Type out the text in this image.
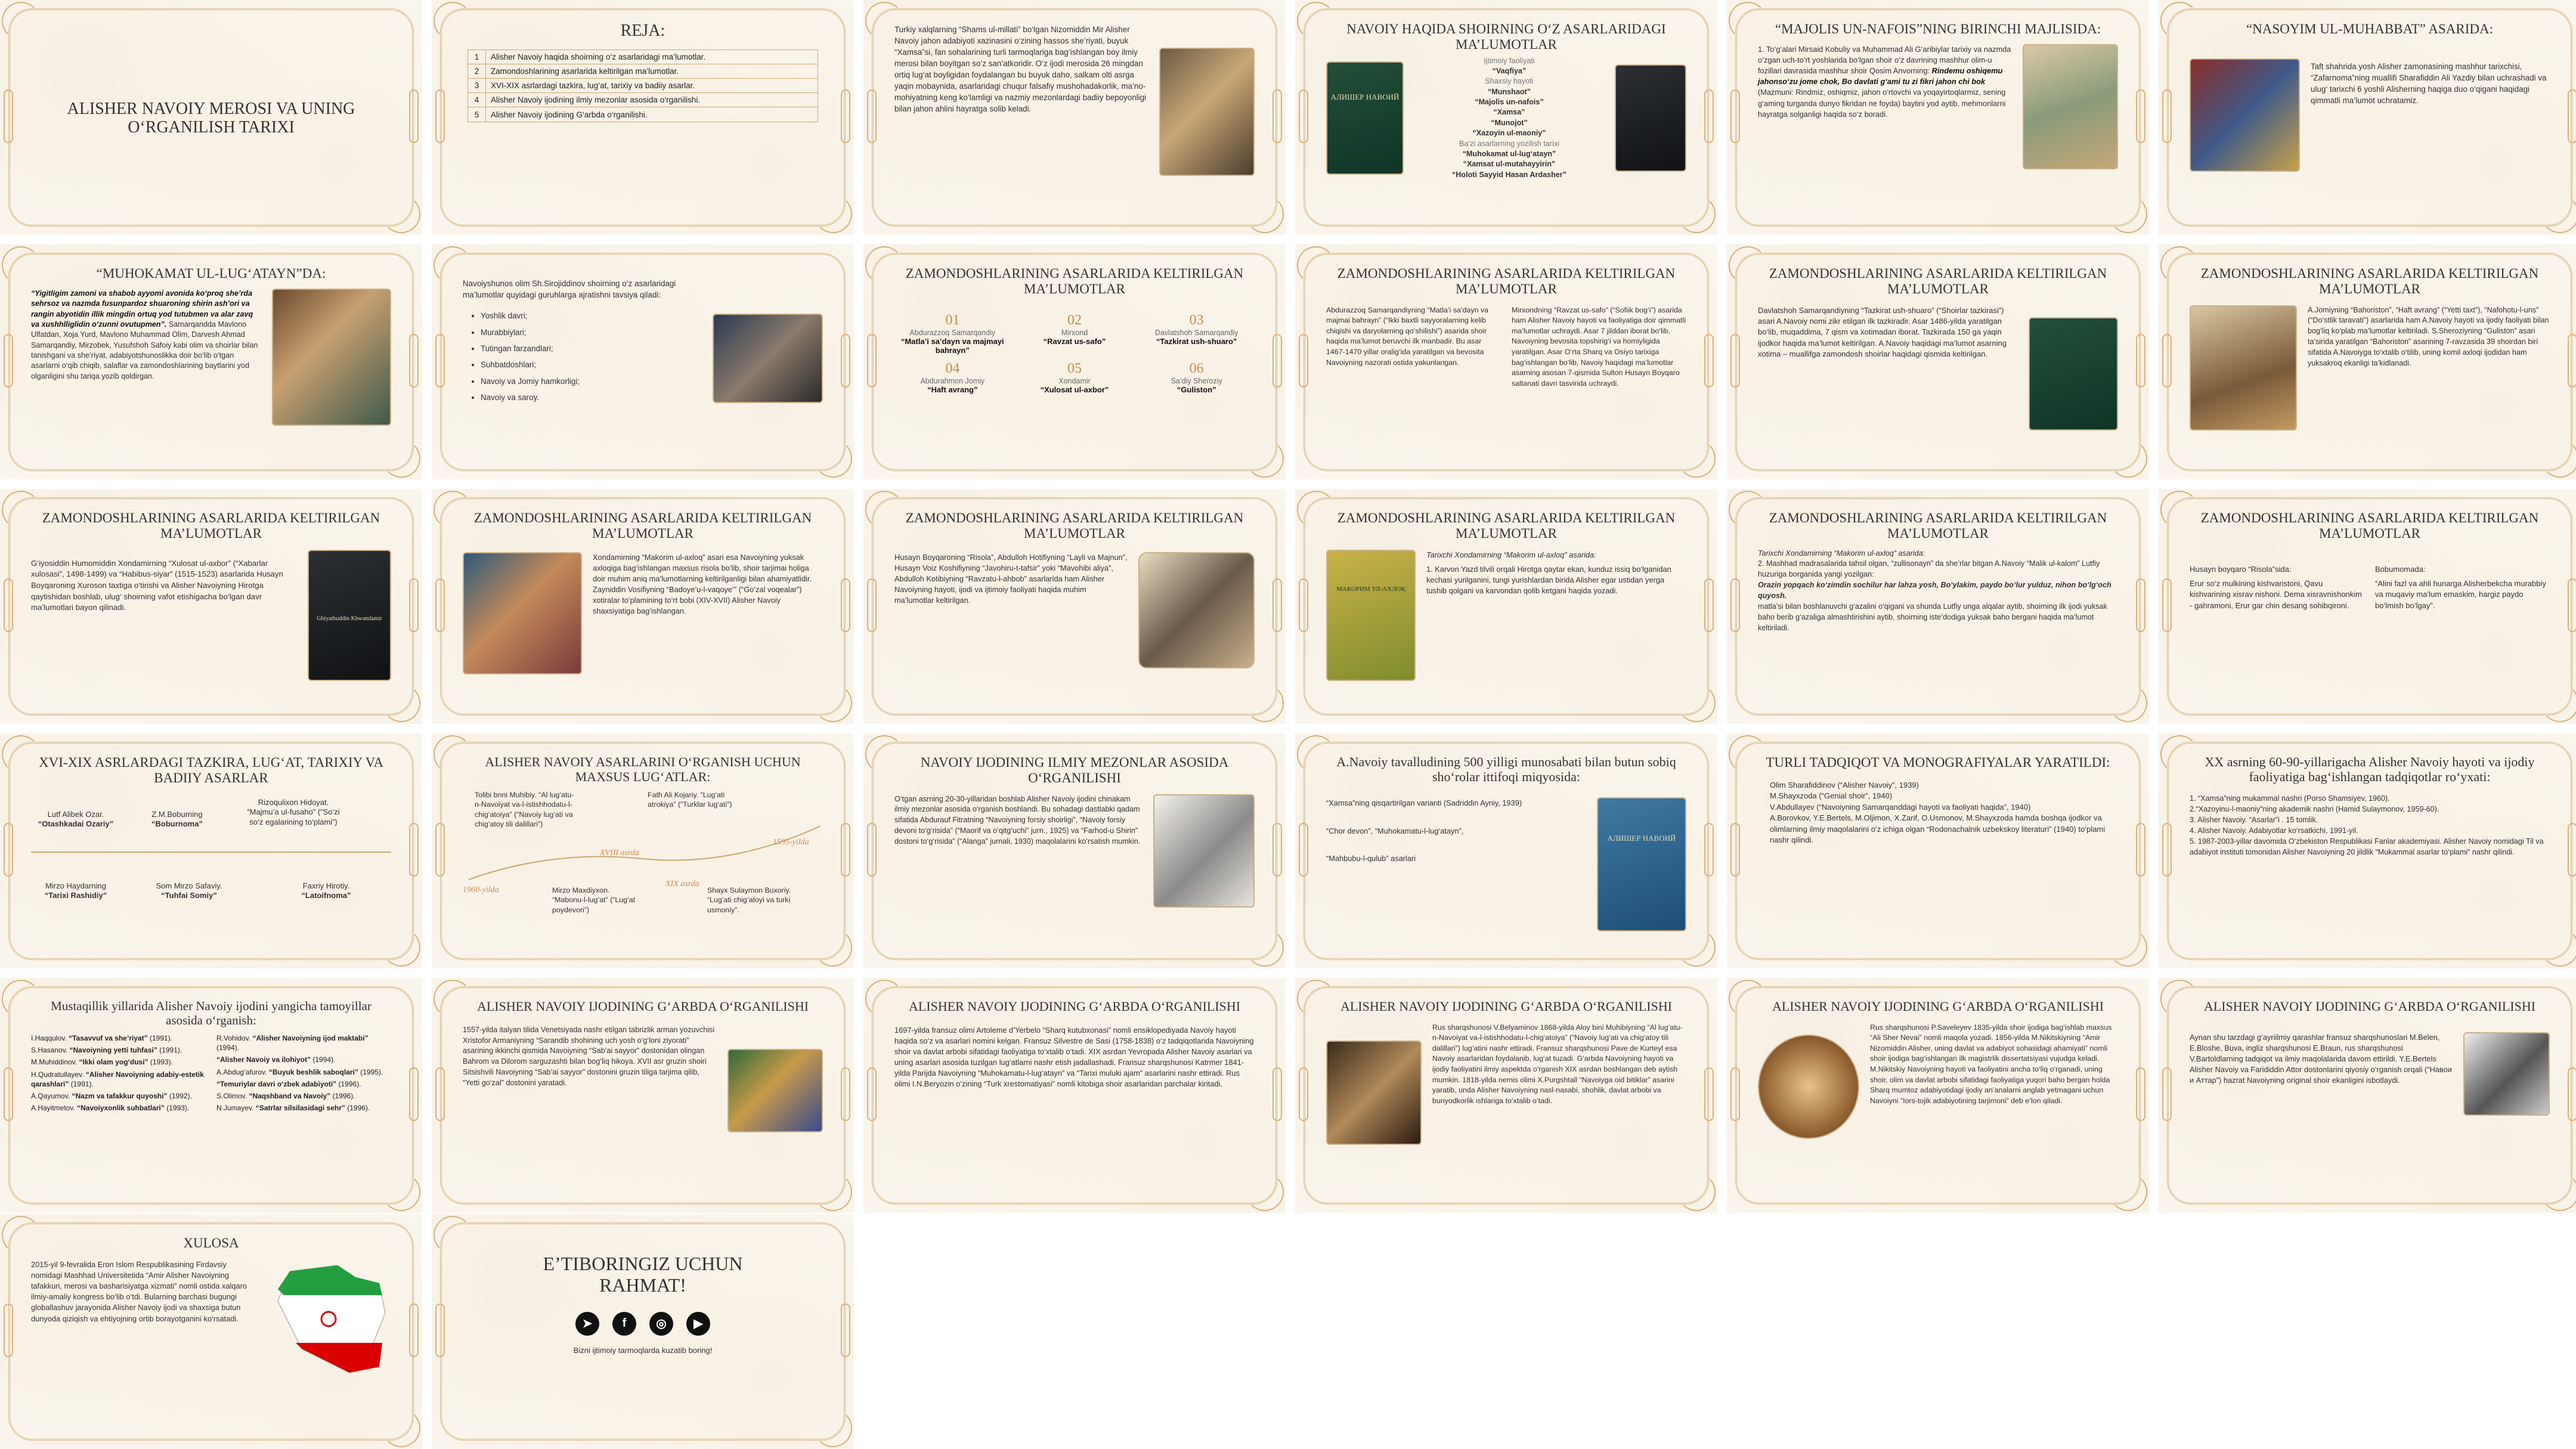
ALISHER NAVOIY MEROSI VA UNING O‘RGANILISH TARIXI
REJA:
1	Alisher Navoiy haqida shoirning o‘z asarlaridagi ma’lumotlar.
2	Zamondoshlarining asarlarida keltirilgan ma’lumotlar.
3	XVI-XIX asrlardagi tazkira, lug‘at, tarixiy va badiiy asarlar.
4	Alisher Navoiy ijodining ilmiy mezonlar asosida o‘rganilishi.
5	Alisher Navoiy ijodining G‘arbda o‘rganilishi.
Turkiy xalqlarning “Shams ul-millati” bo‘lgan Nizomiddin Mir Alisher Navoiy jahon adabiyoti xazinasini o‘zining hassos she’riyati, buyuk “Xamsa”si, fan sohalarining turli tarmoqlariga bag‘ishlangan boy ilmiy merosi bilan boyitgan so‘z san’atkoridir. O‘z ijodi merosida 26 mingdan ortiq lug‘at boyligidan foydalangan bu buyuk daho, salkam olti asrga yaqin mobaynida, asarlaridagi chuqur falsafiy mushohadakorlik, ma’no-mohiyatning keng ko‘lamligi va nazmiy mezonlardagi badiiy bepoyonligi bilan jahon ahlini hayratga solib keladi.
NAVOIY HAQIDA SHOIRNING O‘Z ASARLARIDAGI MA’LUMOTLAR
АЛИШЕР НАВОИЙ
Ijtimoiy faoliyati
“Vaqfiya”
Shaxsiy hayoti
“Munshaot”
“Majolis un-nafois”
“Xamsa”
“Munojot”
“Xazoyin ul-maoniy”
Ba’zi asarlarning yozilish tarixi
“Muhokamat ul-lug‘atayn”
“Xamsat ul-mutahayyirin”
“Holoti Sayyid Hasan Ardasher”
“MAJOLIS UN-NAFOIS”NING BIRINCHI MAJLISIDA:
1. To‘g‘alari Mirsaid Kobuliy va Muhammad Ali G‘aribiylar tarixiy va nazmda o‘zgan uch-to‘rt yoshlarida bo‘lgan shoir o‘z davrining mashhur olim-u fozillari davrasida mashhur shoir Qosim Anvorning: Rindemu oshiqemu jahonso‘zu jome chok, Bo davlati g‘ami tu zi fikri jahon chi bok (Mazmuni: Rindmiz, oshiqmiz, jahon o‘rtovchi va yoqayirtoqlarmiz, sening g‘aming turganda dunyo fikridan ne foyda) baytini yod aytib, mehmonlarni hayratga solganligi haqida so‘z boradi.
“NASOYIM UL-MUHABBAT” ASARIDA:
Taft shahrida yosh Alisher zamonasining mashhur tarixchisi, “Zafarnoma”ning muallifi Sharafiddin Ali Yazdiy bilan uchrashadi va ulug‘ tarixchi 6 yoshli Alisherning haqiga duo o‘qigani haqidagi qimmatli ma’lumot uchratamiz.
“MUHOKAMAT UL-LUG‘ATAYN”DA:
“Yigitligim zamoni va shabob ayyomi avonida ko‘proq she’rda sehrsoz va nazmda fusunpardoz shuaroning shirin ash’ori va rangin abyotidin illik mingdin ortuq yod tutubmen va alar zavq va xushhlliglidin o‘zunni ovutupmen”. Samarqandda Mavlono Ulfatdan, Xoja Yurd, Mavlono Muhammad Olim, Darvesh Ahmad Samarqandiy, Mirzobek, Yusufshoh Safoiy kabi olim va shoirlar bilan tanishgani va she’riyat, adabiyotshunoslikka doir bo‘lib o‘tgan asarlarni o‘qib chiqib, salaflar va zamondoshlarining baytlarini yod olganligini shu tariqa yozib qoldirgan.
Navoiyshunos olim Sh.Sirojiddinov shoirning o‘z asarlaridagi ma’lumotlar quyidagi guruhlarga ajratishni tavsiya qiladi:
• Yoshlik davri;
• Murabbiylari;
• Tutingan farzandlari;
• Suhbatdoshlari;
• Navoiy va Jomiy hamkorligi;
• Navoiy va saroy.
ZAMONDOSHLARINING ASARLARIDA KELTIRILGAN MA’LUMOTLAR
01
Abdurazzoq Samarqandiy
“Matla’i sa’dayn va majmayi bahrayn”
02
Mirxond
“Ravzat us-safo”
03
Davlatshoh Samarqandiy
“Tazkirat ush-shuaro”
04
Abdurahmon Jomiy
“Haft avrang”
05
Xondamir
“Xulosat ul-axbor”
06
Sa’diy Sheroziy
“Guliston”
ZAMONDOSHLARINING ASARLARIDA KELTIRILGAN MA’LUMOTLAR
Abdurazzoq Samarqandiyning “Matla’i sa’dayn va majmai bahrayn” (“Ikki baxtli sayyoralarning kelib chiqishi va daryolarning qo‘shilishi”) asarida shoir haqida ma’lumot beruvchi ilk manbadir. Bu asar 1467-1470 yillar oralig‘ida yaratilgan va bevosita Navoiyning nazorati ostida yakunlangan.
Mirxondning “Ravzat us-safo” (“Sofiik bog‘i”) asarida ham Alisher Navoiy hayoti va faoliyatiga doir qimmatli ma’lumotlar uchraydi. Asar 7 jilddan iborat bo‘lib, Navoiyning bevosita topshirig‘i va homiyligida yaratilgan. Asar O‘rta Sharq va Osiyo tarixiga bag‘ishlangan bo‘lib, Navoiy haqidagi ma’lumotlar asarning asosan 7-qismida Sulton Husayn Boyqaro saltanati davri tasvirida uchraydi.
ZAMONDOSHLARINING ASARLARIDA KELTIRILGAN MA’LUMOTLAR
Davlatshoh Samarqandiyning “Tazkirat ush-shuaro” (“Shoirlar tazkirasi”) asari A.Navoiy nomi zikr etilgan ilk tazkiradir. Asar 1486-yilda yaratilgan bo‘lib, muqaddima, 7 qism va xotimadan iborat. Tazkirada 150 ga yaqin ijodkor haqida ma’lumot keltirilgan. A.Navoiy haqidagi ma’lumot asarning xotima – muallifga zamondosh shoirlar haqidagi qismida keltirilgan.
ZAMONDOSHLARINING ASARLARIDA KELTIRILGAN MA’LUMOTLAR
A.Jomiyning “Bahoriston”, “Haft avrang” (“Yetti taxt”), “Nafohotu-l-uns” (“Do‘stlik taravati”) asarlarida ham A.Navoiy hayoti va ijodiy faoliyati bilan bog‘liq ko‘plab ma’lumotlar keltiriladi. S.Sheroziyning “Guliston” asari ta’sirida yaratilgan “Bahoriston” asarining 7-ravzasida 39 shoirdan biri sifatida A.Navoiyga to‘xtalib o‘tilib, uning komil axloqi ijodidan ham yuksakroq ekanligi ta’kidlanadi.
ZAMONDOSHLARINING ASARLARIDA KELTIRILGAN MA’LUMOTLAR
G‘iyosiddin Humomiddin Xondamirning “Xulosat ul-axbor” (“Xabarlar xulosasi”, 1498-1499) va “Habibus-siyar” (1515-1523) asarlarida Husayn Boyqaroning Xuroson taxtiga o‘tirishi va Alisher Navoiyning Hirotga qaytishidan boshlab, ulug‘ shoirning vafot etishigacha bo‘lgan davr ma’lumotlari bayon qilinadi.
Ghiyathuddin Khwandamir
ZAMONDOSHLARINING ASARLARIDA KELTIRILGAN MA’LUMOTLAR
Xondamirning “Makorim ul-axloq” asari esa Navoiyning yuksak axloqiga bag‘ishlangan maxsus risola bo‘lib, shoir tarjimai holiga doir muhim aniq ma’lumotlarning keltirilganligi bilan ahamiyatlidir. Zayniddin Vosifiyning “Badoye’u-l-vaqoye’” (“Go‘zal voqealar”) xotiralar to‘plamining to‘rt bobi (XIV-XVII) Alisher Navoiy shaxsiyatiga bag‘ishlangan.
ZAMONDOSHLARINING ASARLARIDA KELTIRILGAN MA’LUMOTLAR
Husayn Boyqaroning “Risola”, Abdulloh Hotifiyning “Layli va Majnun”, Husayn Voiz Koshifiyning “Javohiru-t-tafsir” yoki “Mavohibi aliya”, Abdulloh Kotibiyning “Ravzatu-l-ahbob” asarlarida ham Alisher Navoiyning hayoti, ijodi va ijtimoiy faoliyati haqida muhim ma’lumotlar keltirilgan.
ZAMONDOSHLARINING ASARLARIDA KELTIRILGAN MA’LUMOTLAR
МАКОРИМ УЛ-АХЛОҚ
Tarixchi Xondamirning “Makorim ul-axloq” asarida:
1. Karvon Yazd tilvili orqali Hirotga qaytar ekan, kunduz issiq bo‘lganidan kechasi yurilganini, tungi yurishlardan birida Alisher egar ustidan yerga tushib qolgani va karvondan qolib ketgani haqida yozadi.
ZAMONDOSHLARINING ASARLARIDA KELTIRILGAN MA’LUMOTLAR
Tarixchi Xondamirning “Makorim ul-axloq” asarida:
2. Mashhad madrasalarida tahsil olgan, “zullisonayn” da she’rlar bitgan A.Navoiy “Malik ul-kalom” Lutfiy huzuriga borganida yangi yozilgan:
Orazin yopqach ko‘zimdin sochilur har lahza yosh, Bo‘ylakim, paydo bo‘lur yulduz, nihon bo‘lg‘och quyosh.
matla’si bilan boshlanuvchi g‘azalini o‘qigani va shunda Lutfiy unga alqalar aytib, shoirning ilk ijodi yuksak baho berib g‘azaliga almashtirishini aytib, shoirning iste’dodiga yuksak baho bergani haqida ma’lumot keltiriladi.
ZAMONDOSHLARINING ASARLARIDA KELTIRILGAN MA’LUMOTLAR
Husayn boyqaro “Risola”sida:
Erur so‘z mulkining kishvaristoni, Qavu kishvarining xisrav nishoni. Dema xisravnishonkim - gahramoni, Erur gar chin desang sohibqironi.
Bobumomada:
“Alini fazl va ahli hunarga Alisherbekcha murabbiy va muqaviy ma’lum emaskim, hargiz paydo bo‘lmish bo‘lgay”.
XVI-XIX ASRLARDAGI TAZKIRA, LUG‘AT, TARIXIY VA BADIIY ASARLAR
Lutf Alibek Ozar.
“Otashkadai Ozariy”
Z.M.Boburning
“Boburnoma”
Rizoqulixon Hidoyat. “Majmu’a ul-fusaho” (“So‘zi so‘z egalarining to‘plami”)
Mirzo Haydarning
“Tarixi Rashidiy”
Som Mirzo Safaviy.
“Tuhfai Somiy”
Faxriy Hirotiy.
“Latoifnoma”
ALISHER NAVOIY ASARLARINI O‘RGANISH UCHUN MAXSUS LUG‘ATLAR:
Tolibi bnni Muhibiy. “Al lug‘atu-n-Navoiyat va-l-istishhodatu-l-chig‘atoiya” (“Navoiy lug‘ati va chig‘atoy tili dalillari”)
Fath Ali Kojariy. “Lug‘ati atrokiya” (“Turklar lug‘ati”)
Mirzo Maxdiyxon. “Mabonu-l-lug‘at” (“Lug‘at poydevori”)
Shayx Sulaymon Buxoriy. “Lug‘ati chig‘atoyi va turki usmoniy”.
XVIII asrda
XIX asrda
1960-yilda
1595-yilda
NAVOIY IJODINING ILMIY MEZONLAR ASOSIDA O‘RGANILISHI
O‘tgan asrning 20-30-yillaridan boshlab Alisher Navoiy ijodini chinakam ilmiy mezonlar asosida o‘rganish boshlandi. Bu sohadagi dastlabki qadam sifatida Abdurauf Fitratning “Navoiyning forsiy shoirligi”, “Navoiy forsiy devoni to‘g‘risida” (“Maorif va o‘qitg‘uchi” jurn., 1925) va “Farhod-u Shirin” dostoni to‘g‘risida” (“Alanga” jurnali, 1930) maqolalarini ko‘rsatish mumkin.
A.Navoiy tavalludining 500 yilligi munosabati bilan butun sobiq sho‘rolar ittifoqi miqyosida:
“Xamsa”ning qisqartirilgan varianti (Sadriddin Ayniy, 1939)
“Chor devon”, “Muhokamatu-l-lug‘atayn”,
“Mahbubu-l-qulub” asarlari
АЛИШЕР НАВОИЙ
TURLI TADQIQOT VA MONOGRAFIYALAR YARATILDI:
Olim Sharafiddinov (“Alisher Navoiy”, 1939)
M.Shayxzoda (“Genial shoir”, 1940)
V.Abdullayev (“Navoiyning Samarqanddagi hayoti va faoliyati haqida”, 1940)
A.Borovkov, Y.E.Bertels, M.Oljimon, X.Zarif, O.Usmonov, M.Shayxzoda hamda boshqa ijodkor va olimlarning ilmiy maqolalarini o‘z ichiga olgan “Rodonachalnik uzbekskoy literaturi” (1940) to‘plami nashr qilindi.
XX asrning 60-90-yillarigacha Alisher Navoiy hayoti va ijodiy faoliyatiga bag‘ishlangan tadqiqotlar ro‘yxati:
1. “Xamsa”ning mukammal nashri (Porso Shamsiyev, 1960).
2.“Xazoyinu-l-maoniy”ning akademik nashri (Hamid Sulaymonov, 1959-60).
3. Alisher Navoiy. “Asarlar”i . 15 tomlik.
4. Alisher Navoiy. Adabiyotlar ko‘rsatkichi, 1991-yil.
5. 1987-2003-yillar davomida O‘zbekiston Respublikasi Fanlar akademiyasi. Alisher Navoiy nomidagi Til va adabiyot instituti tomonidan Alisher Navoiyning 20 jildlik “Mukammal asarlar to‘plami” nashr qilindi.
Mustaqillik yillarida Alisher Navoiy ijodini yangicha tamoyillar asosida o‘rganish:
I.Haqqulov. “Tasavvuf va she’riyat” (1991).
S.Hasanov. “Navoiyning yetti tuhfasi” (1991).
M.Muhiddinov. “Ikki olam yog‘dusi” (1993).
H.Qudratullayev. “Alisher Navoiyning adabiy-estetik qarashlari” (1991).
A.Qayumov. “Nazm va tafakkur quyoshi” (1992).
A.Hayitmetov. “Navoiyxonlik suhbatlari” (1993).
R.Vohidov. “Alisher Navoiyning ijod maktabi” (1994).
“Alisher Navoiy va ilohiyot” (1994).
A.Abdug‘afurov. “Buyuk beshlik saboqlari” (1995).
“Temuriylar davri o‘zbek adabiyoti” (1996).
S.Olimov. “Naqshband va Navoiy” (1996).
N.Jumayev. “Satrlar silsilasidagi sehr” (1996).
ALISHER NAVOIY IJODINING G‘ARBDA O‘RGANILISHI
1557-yilda italyan tilida Venetsiyada nashr etilgan tabrizlik arman yozuvchisi Xristofor Armaniyning “Sarandib shohining uch yosh o‘g‘loni ziyorati” asarining ikkinchi qismida Navoiyning “Sab’ai sayyor” dostonidan olingan Bahrom va Dilorom sarguzashti bilan bog‘liq hikoya. XVII asr gruzin shoiri Sitsishvili Navoiyning “Sab’ai sayyor” dostonini gruzin tiliga tarjima qilib, “Yetti go‘zal” dostonini yaratadi.
ALISHER NAVOIY IJODINING G‘ARBDA O‘RGANILISHI
1697-yilda fransuz olimi Artoleme d’Yerbelo “Sharq kutubxonasi” nomli ensiklopediyada Navoiy hayoti haqida so‘z va asarlari nomini kelgan. Fransuz Silvestre de Sasi (1758-1838) o‘z tadqiqotlarida Navoiyning shoir va davlat arbobi sifatidagi faoliyatiga to‘xtalib o‘tadi. XIX asrdan Yevropada Alisher Navoiy asarlari va uning asarlari asosida tuzilgan lug‘atlarni nashr etish jadallashadi. Fransuz sharqshunosi Katrmer 1841-yilda Parijda Navoiyning “Muhokamatu-l-lug‘atayn” va “Tarixi muluki ajam” asarlarini nashr ettiradi. Rus olimi I.N.Beryozin o‘zining “Turk xrestomatiyasi” nomli kitobiga shoir asarlaridan parchalar kiritadi.
ALISHER NAVOIY IJODINING G‘ARBDA O‘RGANILISHI
Rus sharqshunosi V.Belyaminov 1868-yilda Aloy bini Muhibiyning “Al lug‘atu-n-Navoiyat va-l-istishhodatu-l-chig‘atoiya” (“Navoiy lug‘ati va chig‘atoy tili dalillari”) lug‘atini nashr ettiradi. Fransuz sharqshunosi Pave de Kurteyl esa Navoiy asarlaridan foydalanib, lug‘at tuzadi. G‘arbda Navoiyning hayoti va ijodiy faoliyatini ilmiy aspektda o‘rganish XIX asrdan boshlangan deb aytish mumkin. 1818-yilda nemis olimi X.Purgshtall “Navoiyga oid bitiklar” asarini yaratib, unda Alisher Navoiyning nasl-nasabi, shohlik, davlat arbobi va bunyodkorlik ishlariga to‘xtalib o‘tadi.
ALISHER NAVOIY IJODINING G‘ARBDA O‘RGANILISHI
Rus sharqshunosi P.Saveleyev 1835-yilda shoir ijodiga bag‘ishlab maxsus “Ali Sher Nevai” nomli maqola yozadi. 1856-yilda M.Nikitskiyning “Amir Nizomiddin Alisher, uning davlat va adabiyot sohasidagi ahamiyati” nomli shoir ijodiga bag‘ishlangan ilk magistrlik dissertatsiyasi vujudga keladi. M.Nikitskiy Navoiyning hayoti va faoliyatini ancha to‘liq o‘rganadi, uning shoir, olim va davlat arbobi sifatidagi faoliyatiga yuqori baho bergan holda Sharq mumtoz adabiyotidagi ijodiy an’analarni anglab yetmagani uchun Navoiyni “Iors-tojik adabiyotining tarjimoni” deb e’lon qiladi.
ALISHER NAVOIY IJODINING G‘ARBDA O‘RGANILISHI
Aynan shu tarzdagi g‘ayriilmiy qarashlar fransuz sharqshunoslari M.Belen, E.Bloshe, Buva, ingliz sharqshunosi E.Braun, rus sharqshunosi V.Bartoldlarning tadqiqot va ilmiy maqolalarida davom ettirildi. Y.E.Bertels Alisher Navoiy va Farididdin Attor dostonlarini qiyosiy o‘rganish orqali (“Навои и Аттар”) hazrat Navoiyning original shoir ekanligini isbotlaydi.
XULOSA
2015-yil 9-fevralida Eron Islom Respublikasining Firdavsiy nomidagi Mashhad Universitetida “Amir Alisher Navoiyning tafakkuri, merosi va basharisiyatga xizmati” nomli ostida xalqaro ilmiy-amaliy kongress bo‘lib o‘tdi. Bularning barchasi bugungi globallashuv jarayonida Alisher Navoiy ijodi va shaxsiga butun dunyoda qiziqish va ehtiyojning ortib borayotganini ko‘rsatadi.
E’TIBORINGIZ UCHUN RAHMAT!
➤	f	◎	▶
Bizni ijtimoiy tarmoqlarda kuzatib boring!
